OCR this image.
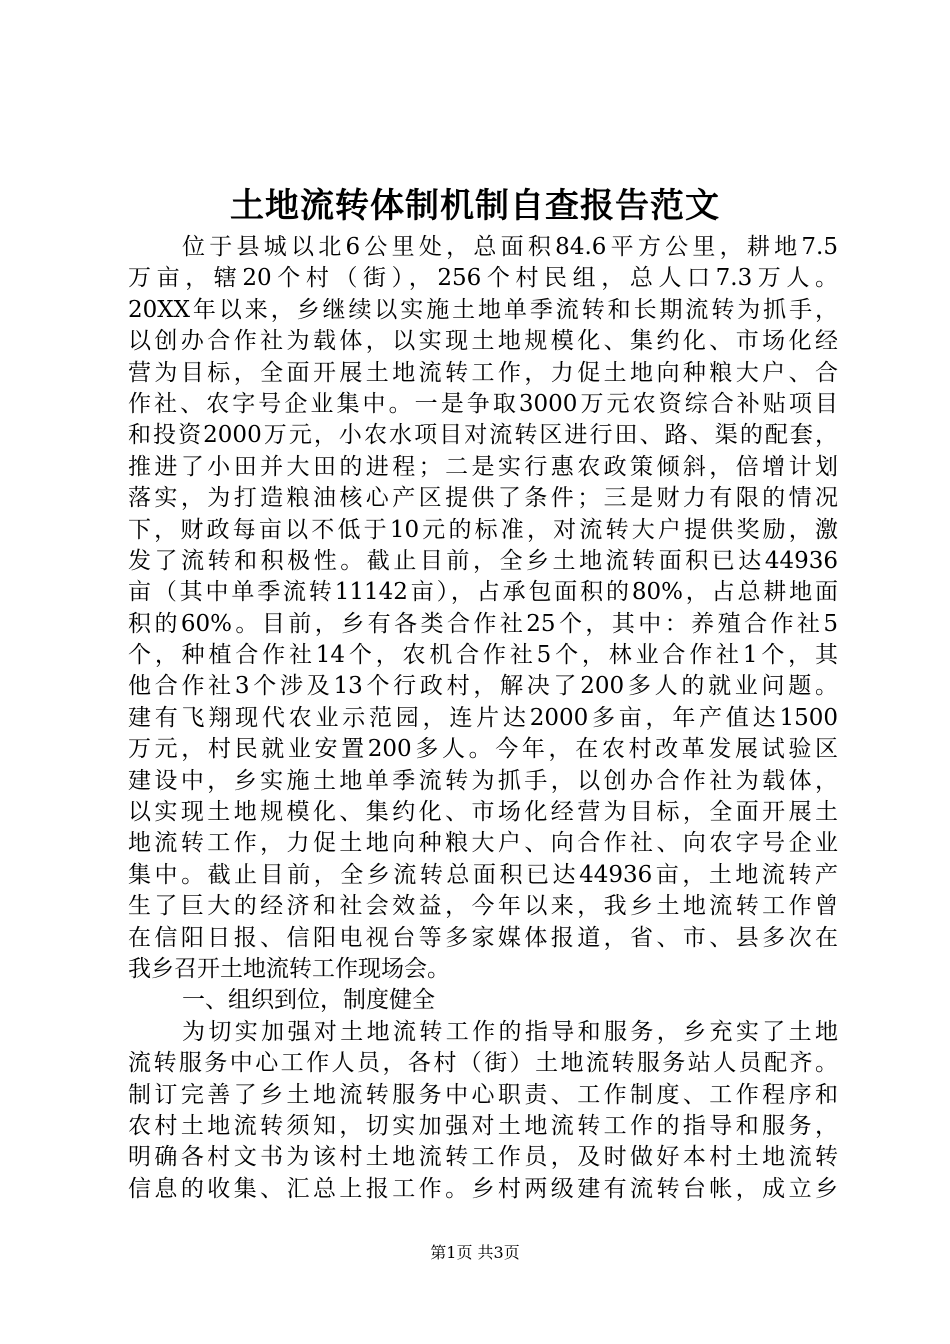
土地流转体制机制自查报告范文
位于县城以北6公里处，总面积84.6平方公里，耕地7.5
万亩，辖20个村（街），256个村民组，总人口7.3万人。
20XX年以来，乡继续以实施土地单季流转和长期流转为抓手，
以创办合作社为载体，以实现土地规模化、集约化、市场化经
营为目标，全面开展土地流转工作，力促土地向种粮大户、合
作社、农字号企业集中。一是争取3000万元农资综合补贴项目
和投资2000万元，小农水项目对流转区进行田、路、渠的配套，
推进了小田并大田的进程；二是实行惠农政策倾斜，倍增计划
落实，为打造粮油核心产区提供了条件；三是财力有限的情况
下，财政每亩以不低于10元的标准，对流转大户提供奖励，激
发了流转和积极性。截止目前，全乡土地流转面积已达44936
亩（其中单季流转11142亩），占承包面积的80%，占总耕地面
积的60%。目前，乡有各类合作社25个，其中：养殖合作社5
个，种植合作社14个，农机合作社5个，林业合作社1个，其
他合作社3个涉及13个行政村，解决了200多人的就业问题。
建有飞翔现代农业示范园，连片达2000多亩，年产值达1500
万元，村民就业安置200多人。今年，在农村改革发展试验区
建设中，乡实施土地单季流转为抓手，以创办合作社为载体，
以实现土地规模化、集约化、市场化经营为目标，全面开展土
地流转工作，力促土地向种粮大户、向合作社、向农字号企业
集中。截止目前，全乡流转总面积已达44936亩，土地流转产
生了巨大的经济和社会效益，今年以来，我乡土地流转工作曾
在信阳日报、信阳电视台等多家媒体报道，省、市、县多次在
我乡召开土地流转工作现场会。
一、组织到位，制度健全
为切实加强对土地流转工作的指导和服务，乡充实了土地
流转服务中心工作人员，各村（街）土地流转服务站人员配齐。
制订完善了乡土地流转服务中心职责、工作制度、工作程序和
农村土地流转须知，切实加强对土地流转工作的指导和服务，
明确各村文书为该村土地流转工作员，及时做好本村土地流转
信息的收集、汇总上报工作。乡村两级建有流转台帐，成立乡
第1页 共3页
